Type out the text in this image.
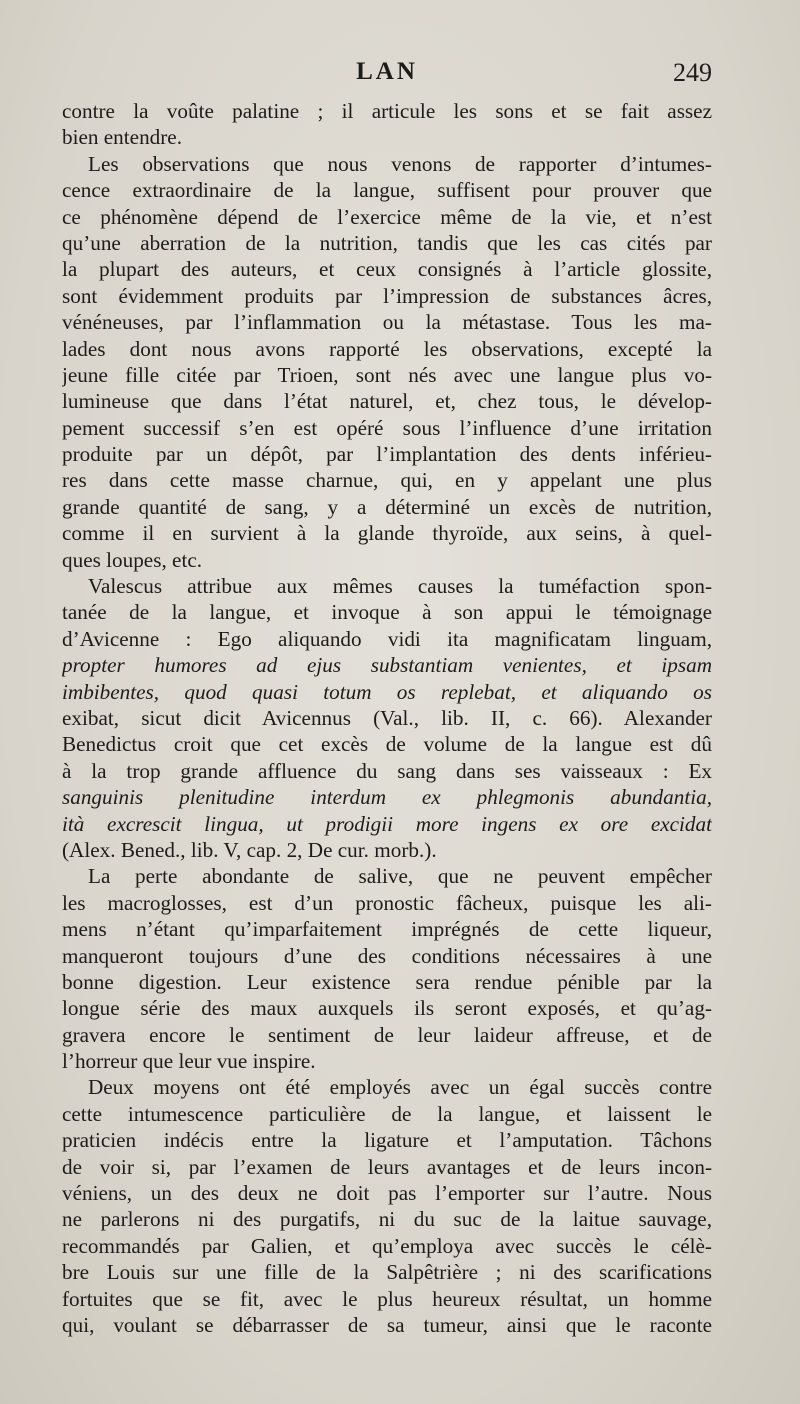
LAN	249
contre la voûte palatine ; il articule les sons et se fait assez
bien entendre.
Les observations que nous venons de rapporter d’intumes-
cence extraordinaire de la langue, suffisent pour prouver que
ce phénomène dépend de l’exercice même de la vie, et n’est
qu’une aberration de la nutrition, tandis que les cas cités par
la plupart des auteurs, et ceux consignés à l’article glossite,
sont évidemment produits par l’impression de substances âcres,
vénéneuses, par l’inflammation ou la métastase. Tous les ma-
lades dont nous avons rapporté les observations, excepté la
jeune fille citée par Trioen, sont nés avec une langue plus vo-
lumineuse que dans l’état naturel, et, chez tous, le dévelop-
pement successif s’en est opéré sous l’influence d’une irritation
produite par un dépôt, par l’implantation des dents inférieu-
res dans cette masse charnue, qui, en y appelant une plus
grande quantité de sang, y a déterminé un excès de nutrition,
comme il en survient à la glande thyroïde, aux seins, à quel-
ques loupes, etc.
Valescus attribue aux mêmes causes la tuméfaction spon-
tanée de la langue, et invoque à son appui le témoignage
d’Avicenne : Ego aliquando vidi ita magnificatam linguam,
propter humores ad ejus substantiam venientes, et ipsam
imbibentes, quod quasi totum os replebat, et aliquando os
exibat, sicut dicit Avicennus (Val., lib. II, c. 66). Alexander
Benedictus croit que cet excès de volume de la langue est dû
à la trop grande affluence du sang dans ses vaisseaux : Ex
sanguinis plenitudine interdum ex phlegmonis abundantia,
ità excrescit lingua, ut prodigii more ingens ex ore excidat
(Alex. Bened., lib. V, cap. 2, De cur. morb.).
La perte abondante de salive, que ne peuvent empêcher
les macroglosses, est d’un pronostic fâcheux, puisque les ali-
mens n’étant qu’imparfaitement imprégnés de cette liqueur,
manqueront toujours d’une des conditions nécessaires à une
bonne digestion. Leur existence sera rendue pénible par la
longue série des maux auxquels ils seront exposés, et qu’ag-
gravera encore le sentiment de leur laideur affreuse, et de
l’horreur que leur vue inspire.
Deux moyens ont été employés avec un égal succès contre
cette intumescence particulière de la langue, et laissent le
praticien indécis entre la ligature et l’amputation. Tâchons
de voir si, par l’examen de leurs avantages et de leurs incon-
véniens, un des deux ne doit pas l’emporter sur l’autre. Nous
ne parlerons ni des purgatifs, ni du suc de la laitue sauvage,
recommandés par Galien, et qu’employa avec succès le célè-
bre Louis sur une fille de la Salpêtrière ; ni des scarifications
fortuites que se fit, avec le plus heureux résultat, un homme
qui, voulant se débarrasser de sa tumeur, ainsi que le raconte
